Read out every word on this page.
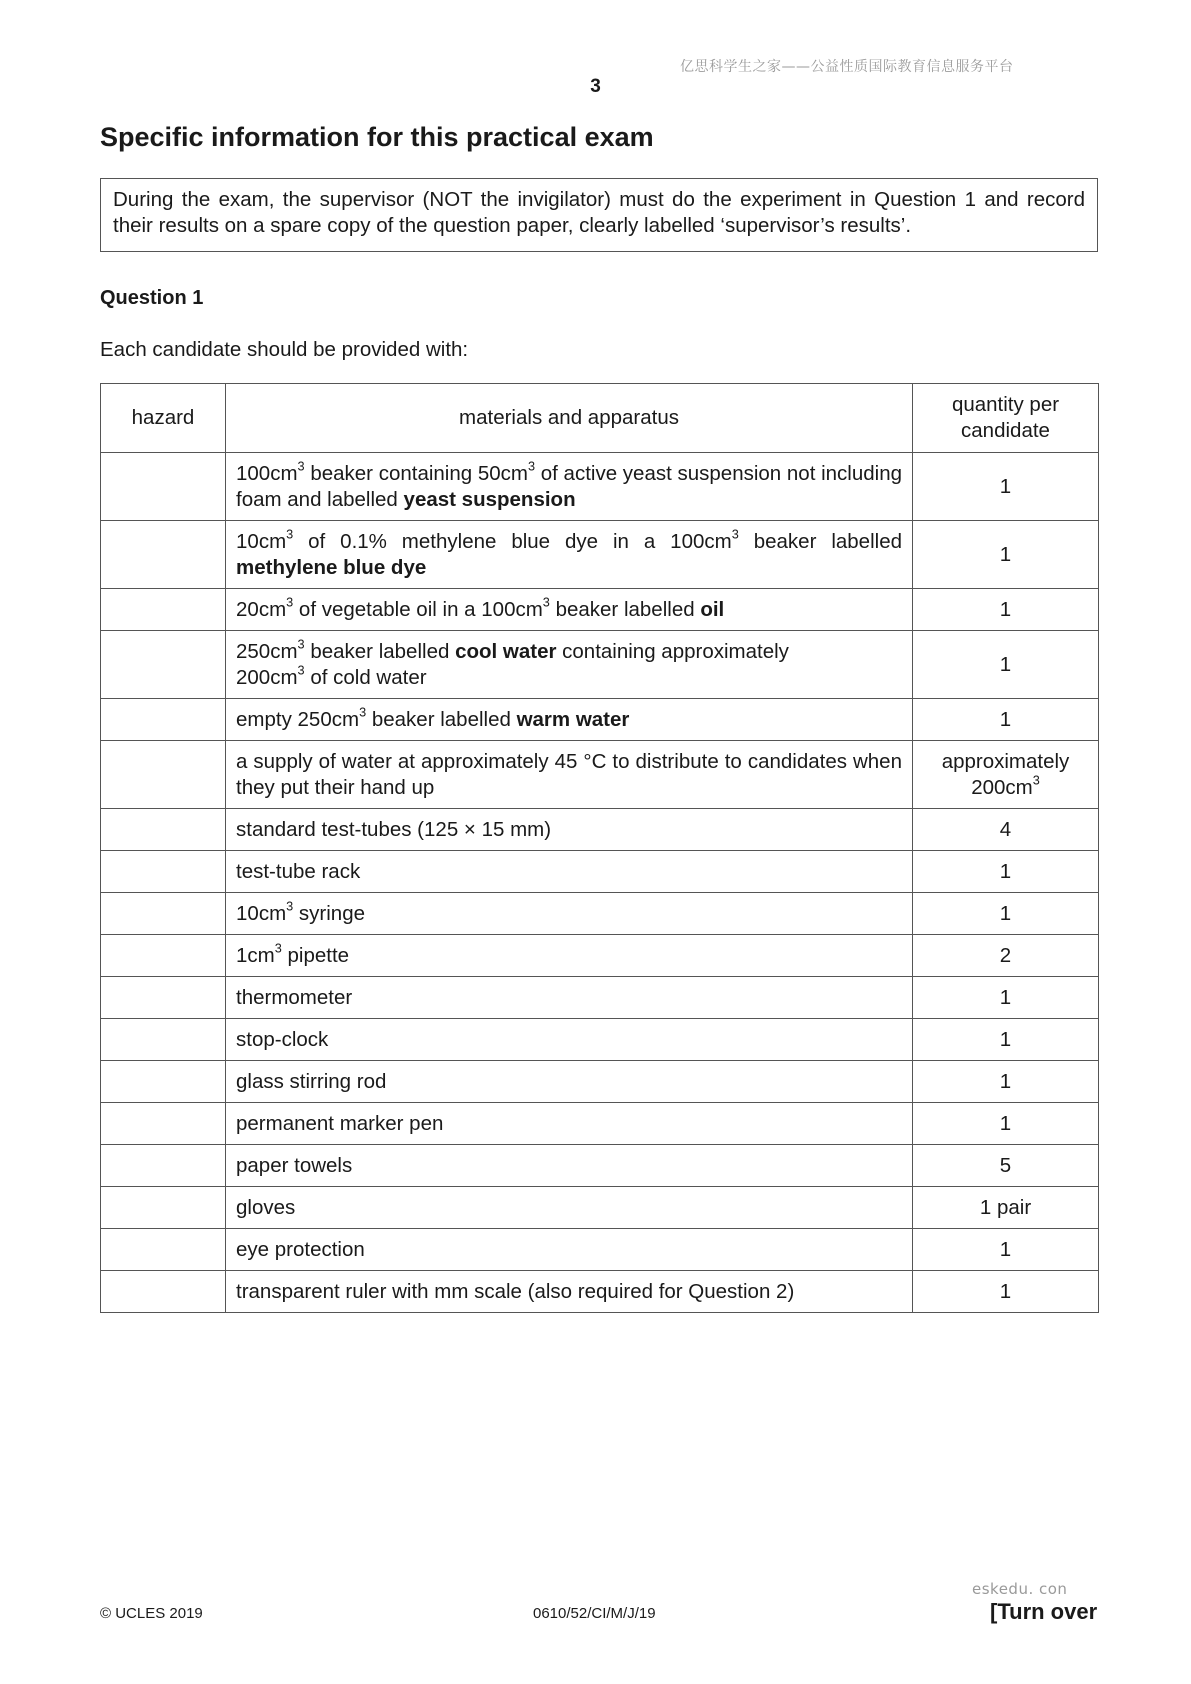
亿思科学生之家——公益性质国际教育信息服务平台
3
Specific information for this practical exam
During the exam, the supervisor (NOT the invigilator) must do the experiment in Question 1 and record their results on a spare copy of the question paper, clearly labelled ‘supervisor’s results’.
Question 1
Each candidate should be provided with:
hazard	materials and apparatus	quantity per
candidate
	$100cm^3$ beaker containing $50cm^3$ of active yeast suspension not including foam and labelled yeast suspension	1
	$10cm^3$ of 0.1% methylene blue dye in a $100cm^3$ beaker labelled methylene blue dye	1
	$20cm^3$ of vegetable oil in a $100cm^3$ beaker labelled oil	1
	$250cm^3$ beaker labelled cool water containing approximately
$200cm^3$ of cold water	1
	empty $250cm^3$ beaker labelled warm water	1
	a supply of water at approximately 45 °C to distribute to candidates when they put their hand up	approximately
$200cm^3$
	standard test-tubes (125 × 15 mm)	4
	test-tube rack	1
	$10cm^3$ syringe	1
	$1cm^3$ pipette	2
	thermometer	1
	stop-clock	1
	glass stirring rod	1
	permanent marker pen	1
	paper towels	5
	gloves	1 pair
	eye protection	1
	transparent ruler with mm scale (also required for Question 2)	1
© UCLES 2019	0610/52/CI/M/J/19
eskedu. con
[Turn over
